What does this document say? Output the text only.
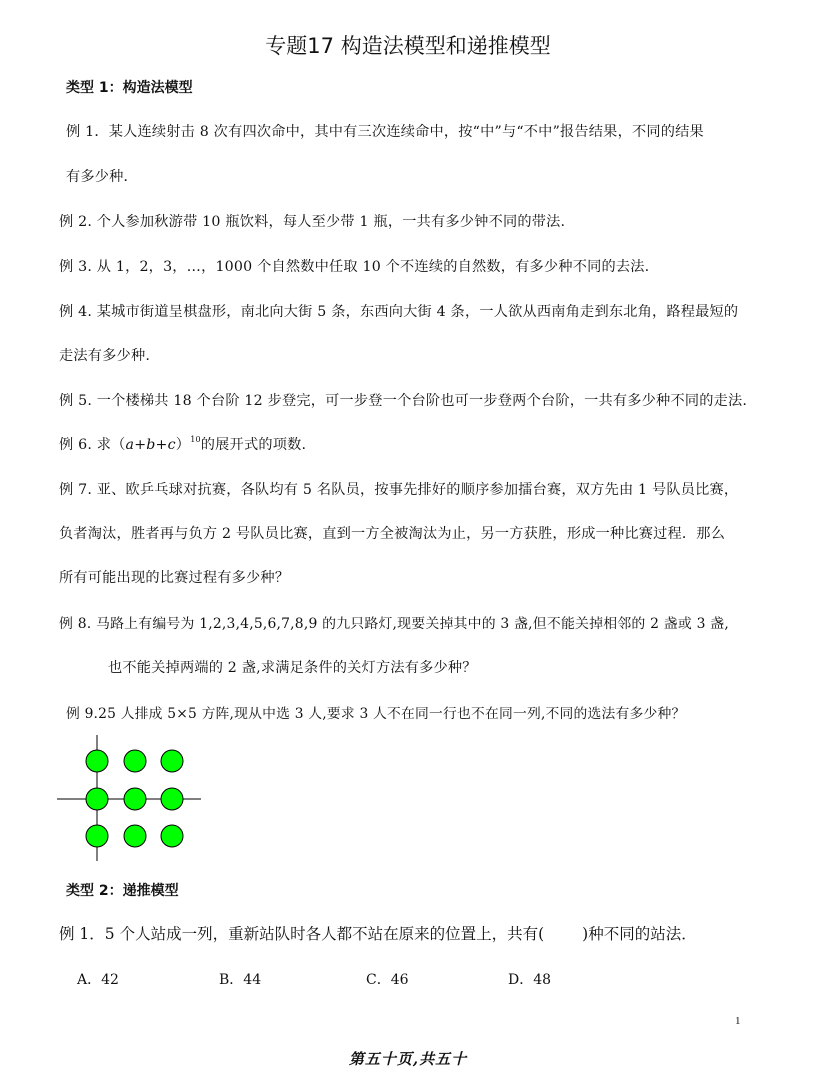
专题17 构造法模型和递推模型
类型 1：构造法模型
例 1．某人连续射击 8 次有四次命中，其中有三次连续命中，按“中”与“不中”报告结果，不同的结果
有多少种．
例 2. 个人参加秋游带 10 瓶饮料，每人至少带 1 瓶，一共有多少钟不同的带法.
例 3. 从 1，2，3，…，1000 个自然数中任取 10 个不连续的自然数，有多少种不同的去法.
例 4. 某城市街道呈棋盘形，南北向大街 5 条，东西向大街 4 条，一人欲从西南角走到东北角，路程最短的
走法有多少种.
例 5. 一个楼梯共 18 个台阶 12 步登完，可一步登一个台阶也可一步登两个台阶，一共有多少种不同的走法.
例 6. 求$(a+b+c)^{10}$的展开式的项数.
例 7. 亚、欧乒乓球对抗赛，各队均有 5 名队员，按事先排好的顺序参加擂台赛，双方先由 1 号队员比赛，
负者淘汰，胜者再与负方 2 号队员比赛，直到一方全被淘汰为止，另一方获胜，形成一种比赛过程．那么
所有可能出现的比赛过程有多少种？
例 8. 马路上有编号为 1,2,3,4,5,6,7,8,9 的九只路灯,现要关掉其中的 3 盏,但不能关掉相邻的 2 盏或 3 盏,
也不能关掉两端的 2 盏,求满足条件的关灯方法有多少种？
例 9.25 人排成 5×5 方阵,现从中选 3 人,要求 3 人不在同一行也不在同一列,不同的选法有多少种？
类型 2：递推模型
例 1．5 个人站成一列，重新站队时各人都不站在原来的位置上，共有( )种不同的站法．
A．42	B．44	C．46	D．48
1
第五十页,共五十
